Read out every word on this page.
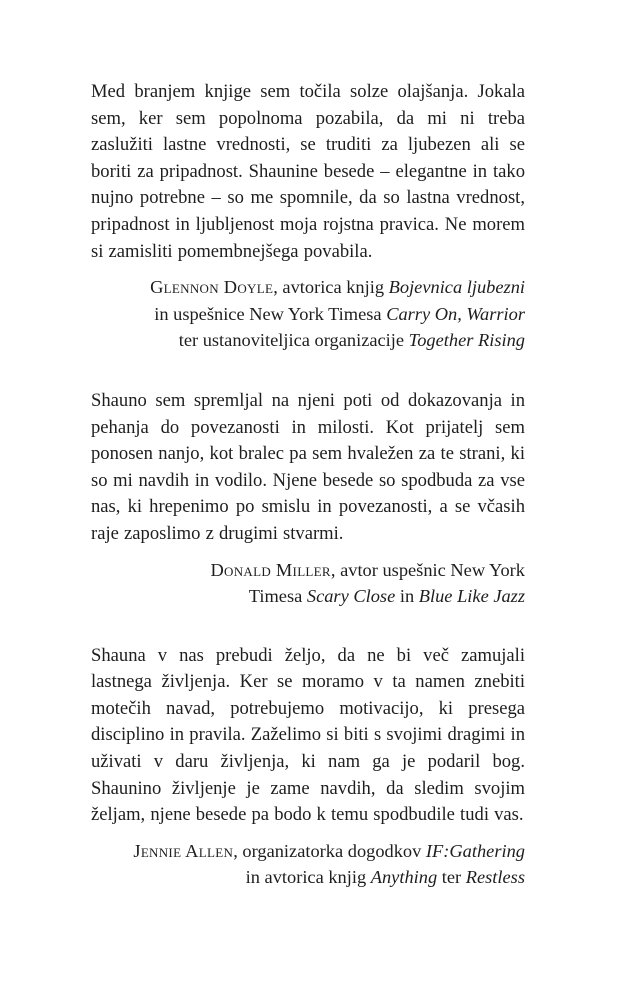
Med branjem knjige sem točila solze olajšanja. Jokala sem, ker sem popolnoma pozabila, da mi ni treba zaslužiti lastne vrednosti, se truditi za ljubezen ali se boriti za pripadnost. Shaunine besede – elegantne in tako nujno potrebne – so me spomnile, da so lastna vrednost, pripadnost in ljubljenost moja rojstna pravica. Ne morem si zamisliti pomembnejšega povabila.

Glennon Doyle, avtorica knjig Bojevnica ljubezni
in uspešnice New York Timesa Carry On, Warrior
ter ustanoviteljica organizacije Together Rising

Shauno sem spremljal na njeni poti od dokazovanja in pehanja do povezanosti in milosti. Kot prijatelj sem ponosen nanjo, kot bralec pa sem hvaležen za te strani, ki so mi navdih in vodilo. Njene besede so spodbuda za vse nas, ki hrepenimo po smislu in povezanosti, a se včasih raje zaposlimo z drugimi stvarmi.

Donald Miller, avtor uspešnic New York
Timesa Scary Close in Blue Like Jazz

Shauna v nas prebudi željo, da ne bi več zamujali lastnega življenja. Ker se moramo v ta namen znebiti motečih navad, potrebujemo motivacijo, ki presega disciplino in pravila. Zaželimo si biti s svojimi dragimi in uživati v daru življenja, ki nam ga je podaril bog. Shaunino življenje je zame navdih, da sledim svojim željam, njene besede pa bodo k temu spodbudile tudi vas.

Jennie Allen, organizatorka dogodkov IF:Gathering
in avtorica knjig Anything ter Restless
